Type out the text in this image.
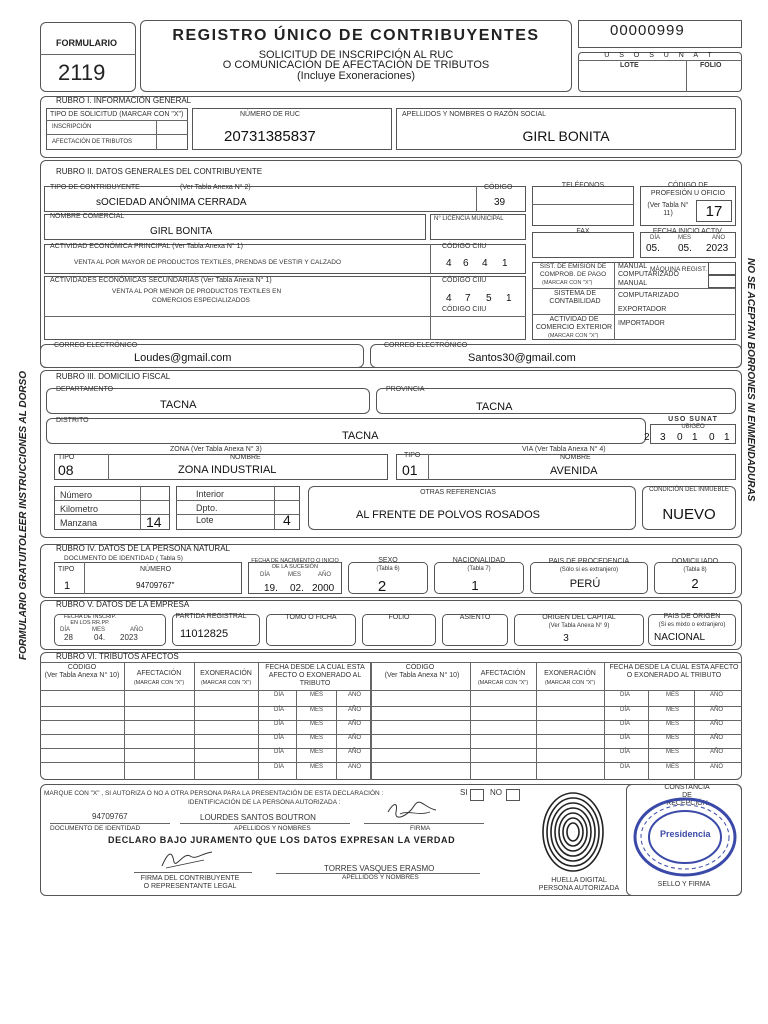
FORMULARIO
2119
REGISTRO ÚNICO DE CONTRIBUYENTES
SOLICITUD DE INSCRIPCIÓN AL RUC
O COMUNICACIÓN DE AFECTACIÓN DE TRIBUTOS
(Incluye Exoneraciones)
00000999
U S O S U N A T
LOTE	FOLIO
NO SE ACEPTAN BORRONES NI ENMENDADURAS
FORMULARIO GRATUITOLEER INSTRUCCIONES AL DORSO
RUBRO I. INFORMACIÓN GENERAL
TIPO DE SOLICITUD (MARCAR CON "X")
INSCRIPCIÓN
AFECTACIÓN DE TRIBUTOS
NÚMERO DE RUC
20731385837
APELLIDOS Y NOMBRES O RAZÓN SOCIAL
GIRL BONITA
RUBRO II. DATOS GENERALES DEL CONTRIBUYENTE
TIPO DE CONTRIBUYENTE	(Ver Tabla Anexa N° 2)	CÓDIGO
sOCIEDAD ANÓNIMA CERRADA	39
NOMBRE COMERCIAL
GIRL BONITA
N° LICENCIA MUNICIPAL
ACTIVIDAD ECONÓMICA PRINCIPAL (Ver Tabla Anexa N° 1)	CÓDIGO CIIU
VENTA AL POR MAYOR DE PRODUCTOS TEXTILES, PRENDAS DE VESTIR Y CALZADO	4 6 4 1
ACTIVIDADES ECONÓMICAS SECUNDARIAS (Ver Tabla Anexa N° 1)	CÓDIGO CIIU
VENTA AL POR MENOR DE PRODUCTOS TEXTILES EN
COMERCIOS ESPECIALIZADOS	4 7 5 1
CÓDIGO CIIU
TELÉFONOS
FAX
CÓDIGO DE
PROFESIÓN U OFICIO
(Ver Tabla N° 11)	17
FECHA INICIO ACTIV.
DÍA	MES	AÑO
05. 05. 2023
SIST. DE EMISIÓN DE COMPROB. DE PAGO
(MARCAR CON "X")
MANUAL MÁQUINA REGIST.
COMPUTARIZADO
MANUAL
SISTEMA DE CONTABILIDAD
COMPUTARIZADO
EXPORTADOR
ACTIVIDAD DE COMERCIO EXTERIOR
(MARCAR CON "X")
IMPORTADOR
CORREO ELECTRÓNICO
Loudes@gmail.com
CORREO ELECTRÓNICO
Santos30@gmail.com
RUBRO III. DOMICILIO FISCAL
DEPARTAMENTO
TACNA
PROVINCIA
TACNA
DISTRITO
TACNA
USO SUNAT
UBIGEO
2 3 0 1 0 1
ZONA (Ver Tabla Anexa N° 3)
TIPO	NOMBRE
08	ZONA INDUSTRIAL
VIA (Ver Tabla Anexa N° 4)
TIPO	NOMBRE
01	AVENIDA
Número
Kilometro
Manzana	14
Interior
Dpto.
Lote	4
OTRAS REFERENCIAS
AL FRENTE DE POLVOS ROSADOS
CONDICIÓN DEL INMUEBLE
NUEVO
RUBRO IV. DATOS DE LA PERSONA NATURAL
DOCUMENTO DE IDENTIDAD ( Tabla 5)
TIPO	NÚMERO
1	94709767"
FECHA DE NACIMIENTO O INICIO DE LA SUCESIÓN
DÍA	MES	AÑO
19. 02. 2000
SEXO
(Tabla 6)
2
NACIONALIDAD
(Tabla 7)
1
PAIS DE PROCEDENCIA
(Sólo si es extranjero)
PERÚ
DOMICILIADO
(Tabla 8)
2
RUBRO V. DATOS DE LA EMPRESA
FECHA DE INSCRIP. EN LOS RR.PP.
DÍA	MES	AÑO
28	04. 2023
PARTIDA REGISTRAL
11012825
TOMO O FICHA	FOLIO	ASIENTO	ORIGEN DEL CAPITAL
(Ver Tabla Anexa N° 9)
3
PAIS DE ORIGEN
(Si es mixto o extranjero)
NACIONAL
RUBRO VI. TRIBUTOS AFECTOS
CÓDIGO
(Ver Tabla Anexa N° 10)	AFECTACIÓN
(MARCAR CON "X")
EXONERACIÓN
(MARCAR CON "X")
FECHA DESDE LA CUAL ESTA AFECTO O EXONERADO AL TRIBUTO
CÓDIGO
(Ver Tabla Anexa N° 10)	AFECTACIÓN
(MARCAR CON "X")
EXONERACIÓN
(MARCAR CON "X")
FECHA DESDE LA CUAL ESTA AFECTO O EXONERADO AL TRIBUTO
DÍA	MES	AÑO
DÍA	MES	AÑO
DÍA	MES	AÑO
DÍA	MES	AÑO
DÍA	MES	AÑO
DÍA	MES	AÑO
DÍA	MES	AÑO
DÍA	MES	AÑO
DÍA	MES	AÑO
DÍA	MES	AÑO
DÍA	MES	AÑO
DÍA	MES	AÑO
MARQUE CON "X" , SI AUTORIZA O NO A OTRA PERSONA PARA LA PRESENTACIÓN DE ESTA DECLARACIÓN :	SI	NO
IDENTIFICACIÓN DE LA PERSONA AUTORIZADA :
94709767
DOCUMENTO DE IDENTIDAD
LOURDES SANTOS BOUTRON
APELLIDOS Y NOMBRES	FIRMA
DECLARO BAJO JURAMENTO QUE LOS DATOS EXPRESAN LA VERDAD
FIRMA DEL CONTRIBUYENTE O REPRESENTANTE LEGAL
TORRES VASQUES ERASMO
APELLIDOS Y NOMBRES	HUELLA DIGITAL PERSONA AUTORIZADA
CONSTANCIA DE RECEPCIÓN
Presidencia
SELLO Y FIRMA
